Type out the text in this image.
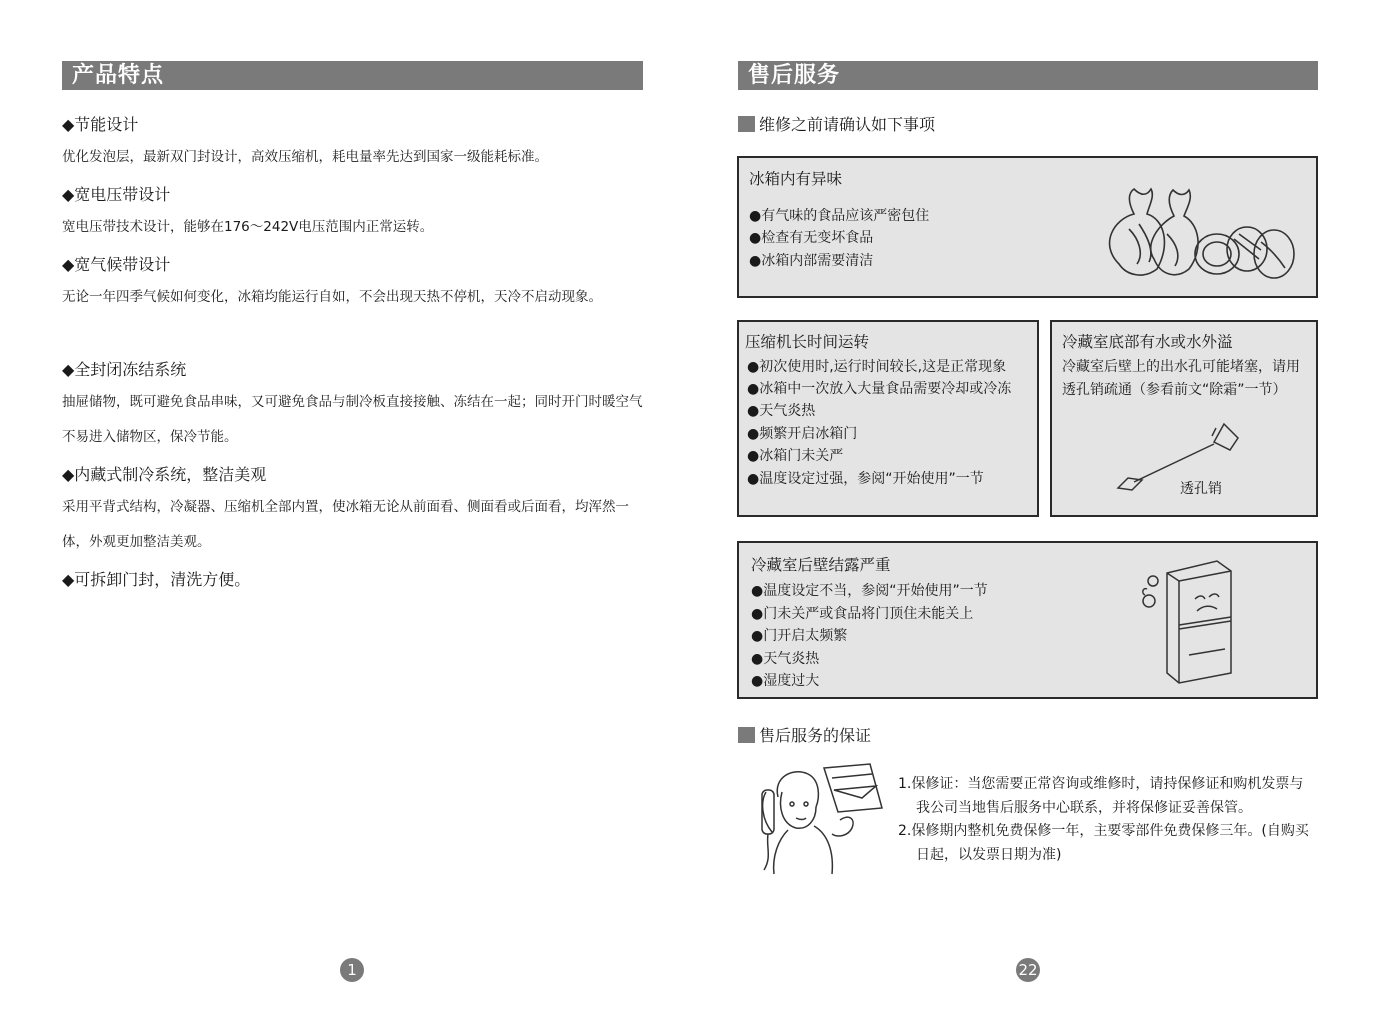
产品特点
◆节能设计
优化发泡层，最新双门封设计，高效压缩机，耗电量率先达到国家一级能耗标准。
◆宽电压带设计
宽电压带技术设计，能够在176～242V电压范围内正常运转。
◆宽气候带设计
无论一年四季气候如何变化，冰箱均能运行自如，不会出现天热不停机，天冷不启动现象。
◆全封闭冻结系统
抽屉储物，既可避免食品串味，又可避免食品与制冷板直接接触、冻结在一起；同时开门时暖空气不易进入储物区，保冷节能。
◆内藏式制冷系统，整洁美观
采用平背式结构，冷凝器、压缩机全部内置，使冰箱无论从前面看、侧面看或后面看，均浑然一体，外观更加整洁美观。
◆可拆卸门封，清洗方便。
1
售后服务
维修之前请确认如下事项
冰箱内有异味
●有气味的食品应该严密包住
●检查有无变坏食品
●冰箱内部需要清洁
压缩机长时间运转
●初次使用时,运行时间较长,这是正常现象
●冰箱中一次放入大量食品需要冷却或冷冻
●天气炎热
●频繁开启冰箱门
●冰箱门未关严
●温度设定过强，参阅“开始使用”一节
冷藏室底部有水或水外溢
冷藏室后壁上的出水孔可能堵塞，请用透孔销疏通（参看前文“除霜”一节）
透孔销
冷藏室后壁结露严重
●温度设定不当，参阅“开始使用”一节
●门未关严或食品将门顶住未能关上
●门开启太频繁
●天气炎热
●湿度过大
售后服务的保证

1.保修证：当您需要正常咨询或维修时，请持保修证和购机发票与

我公司当地售后服务中心联系，并将保修证妥善保管。

2.保修期内整机免费保修一年，主要零部件免费保修三年。(自购买

日起，以发票日期为准)

22
